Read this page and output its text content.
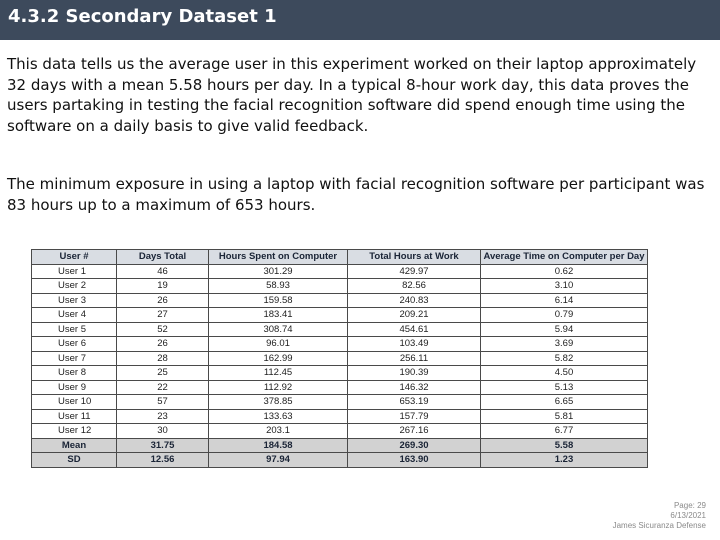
4.3.2 Secondary Dataset 1

This data tells us the average user in this experiment worked on their laptop approximately 32 days with a mean 5.58 hours per day. In a typical 8-hour work day, this data proves the users partaking in testing the facial recognition software did spend enough time using the software on a daily basis to give valid feedback.

The minimum exposure in using a laptop with facial recognition software per participant was 83 hours up to a maximum of 653 hours.

User #	Days Total	Hours Spent on Computer	Total Hours at Work	Average Time on Computer per Day
User 1	46	301.29	429.97	0.62
User 2	19	58.93	82.56	3.10
User 3	26	159.58	240.83	6.14
User 4	27	183.41	209.21	0.79
User 5	52	308.74	454.61	5.94
User 6	26	96.01	103.49	3.69
User 7	28	162.99	256.11	5.82
User 8	25	112.45	190.39	4.50
User 9	22	112.92	146.32	5.13
User 10	57	378.85	653.19	6.65
User 11	23	133.63	157.79	5.81
User 12	30	203.1	267.16	6.77
Mean	31.75	184.58	269.30	5.58
SD	12.56	97.94	163.90	1.23
Page: 29
6/13/2021
James Sicuranza Defense
